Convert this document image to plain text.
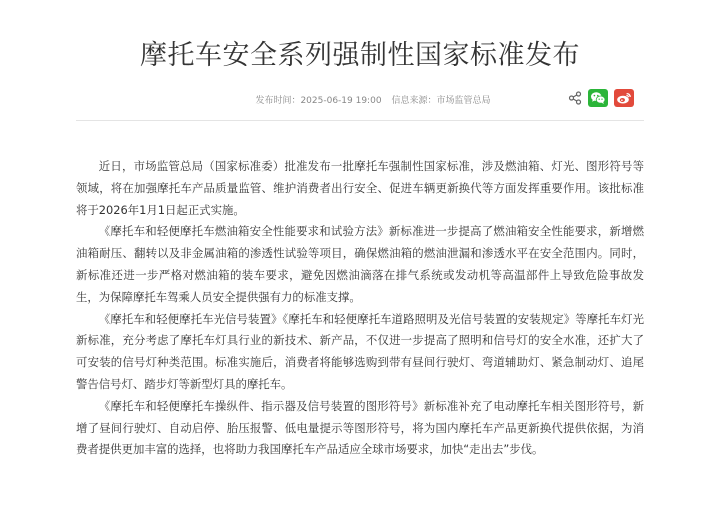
摩托车安全系列强制性国家标准发布
发布时间：2025-06-19 19:00 信息来源：市场监管总局

近日，市场监管总局（国家标准委）批准发布一批摩托车强制性国家标准，涉及燃油箱、灯光、图形符号等领域，将在加强摩托车产品质量监管、维护消费者出行安全、促进车辆更新换代等方面发挥重要作用。该批标准将于2026年1月1日起正式实施。

《摩托车和轻便摩托车燃油箱安全性能要求和试验方法》新标准进一步提高了燃油箱安全性能要求，新增燃油箱耐压、翻转以及非金属油箱的渗透性试验等项目，确保燃油箱的燃油泄漏和渗透水平在安全范围内。同时，新标准还进一步严格对燃油箱的装车要求，避免因燃油滴落在排气系统或发动机等高温部件上导致危险事故发生，为保障摩托车驾乘人员安全提供强有力的标准支撑。

《摩托车和轻便摩托车光信号装置》《摩托车和轻便摩托车道路照明及光信号装置的安装规定》等摩托车灯光新标准，充分考虑了摩托车灯具行业的新技术、新产品，不仅进一步提高了照明和信号灯的安全水准，还扩大了可安装的信号灯种类范围。标准实施后，消费者将能够选购到带有昼间行驶灯、弯道辅助灯、紧急制动灯、追尾警告信号灯、踏步灯等新型灯具的摩托车。

《摩托车和轻便摩托车操纵件、指示器及信号装置的图形符号》新标准补充了电动摩托车相关图形符号，新增了昼间行驶灯、自动启停、胎压报警、低电量提示等图形符号，将为国内摩托车产品更新换代提供依据，为消费者提供更加丰富的选择，也将助力我国摩托车产品适应全球市场要求，加快“走出去”步伐。
